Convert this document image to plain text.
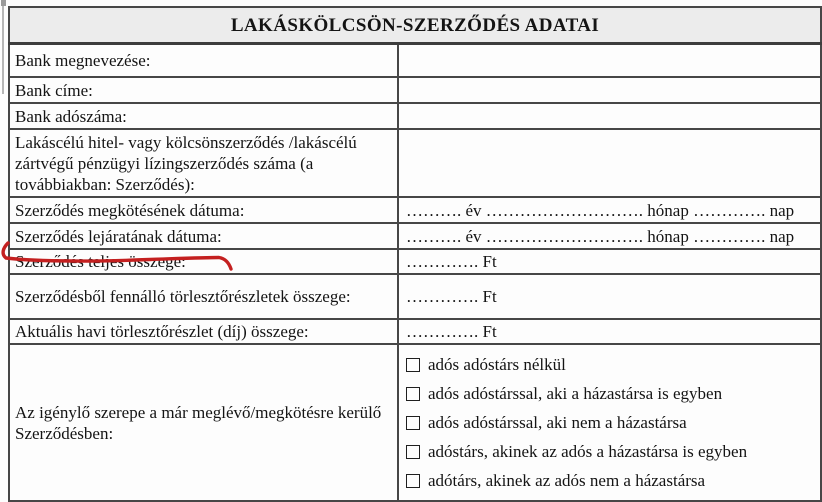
LAKÁSKÖLCSÖN-SZERZŐDÉS ADATAI	
Bank megnevezése:	
Bank címe:	
Bank adószáma:	
Lakáscélú hitel- vagy kölcsönszerződés /lakáscélú zártvégű pénzügyi lízingszerződés száma (a továbbiakban: Szerződés):	
Szerződés megkötésének dátuma:	………. év ………………………. hónap …………. nap
Szerződés lejáratának dátuma:	………. év ………………………. hónap …………. nap
Szerződés teljes összege:	…………. Ft
Szerződésből fennálló törlesztőrészletek összege:	…………. Ft
Aktuális havi törlesztőrészlet (díj) összege:	…………. Ft
Az igénylő szerepe a már meglévő/megkötésre kerülő Szerződésben:	adós adóstárs nélkül
adós adóstárssal, aki a házastársa is egyben
adós adóstárssal, aki nem a házastársa
adóstárs, akinek az adós a házastársa is egyben
adótárs, akinek az adós nem a házastársa
